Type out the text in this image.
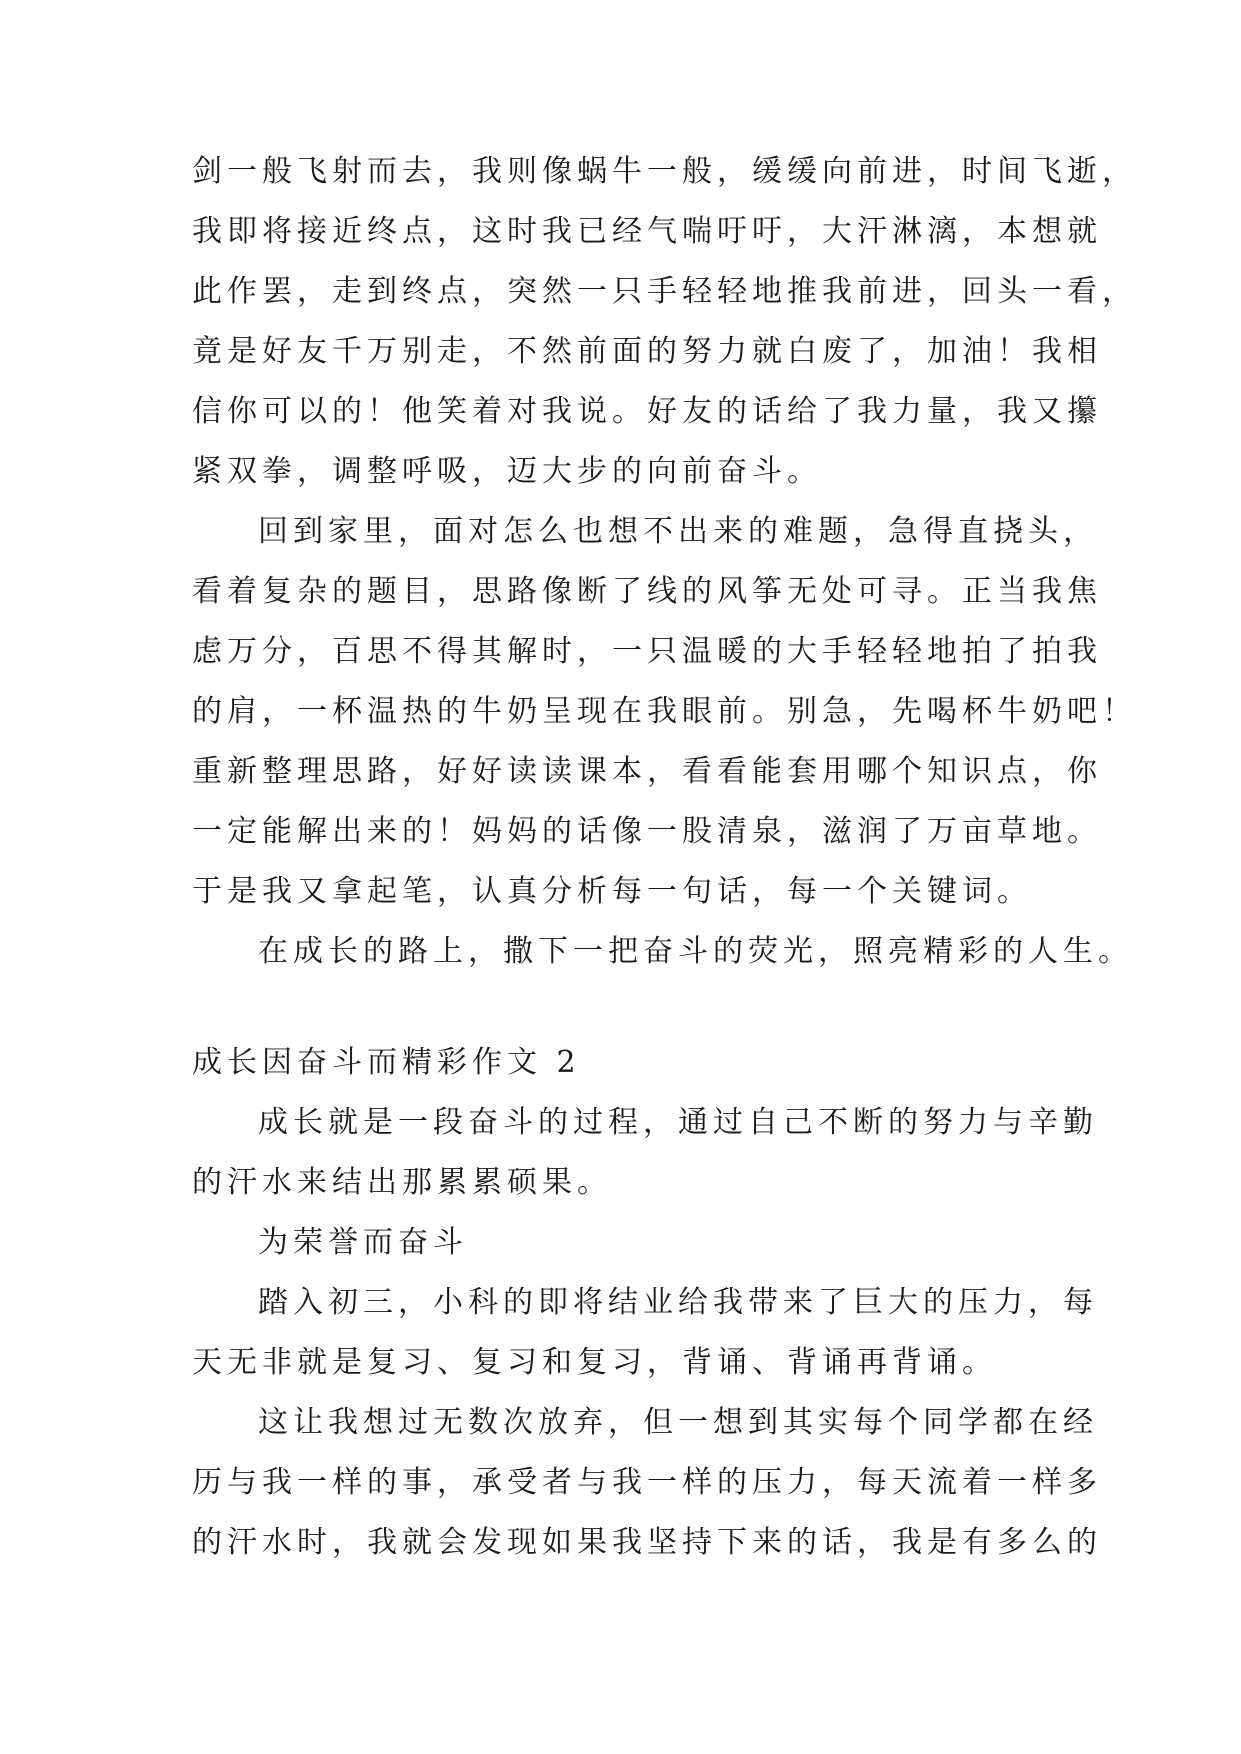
剑一般飞射而去，我则像蜗牛一般，缓缓向前进，时间飞逝，
我即将接近终点，这时我已经气喘吁吁，大汗淋漓，本想就
此作罢，走到终点，突然一只手轻轻地推我前进，回头一看，
竟是好友千万别走，不然前面的努力就白废了，加油！我相
信你可以的！他笑着对我说。好友的话给了我力量，我又攥
紧双拳，调整呼吸，迈大步的向前奋斗。
回到家里，面对怎么也想不出来的难题，急得直挠头，
看着复杂的题目，思路像断了线的风筝无处可寻。正当我焦
虑万分，百思不得其解时，一只温暖的大手轻轻地拍了拍我
的肩，一杯温热的牛奶呈现在我眼前。别急，先喝杯牛奶吧！
重新整理思路，好好读读课本，看看能套用哪个知识点，你
一定能解出来的！妈妈的话像一股清泉，滋润了万亩草地。
于是我又拿起笔，认真分析每一句话，每一个关键词。
在成长的路上，撒下一把奋斗的荧光，照亮精彩的人生。
成长因奋斗而精彩作文 2
成长就是一段奋斗的过程，通过自己不断的努力与辛勤
的汗水来结出那累累硕果。
为荣誉而奋斗
踏入初三，小科的即将结业给我带来了巨大的压力，每
天无非就是复习、复习和复习，背诵、背诵再背诵。
这让我想过无数次放弃，但一想到其实每个同学都在经
历与我一样的事，承受者与我一样的压力，每天流着一样多
的汗水时，我就会发现如果我坚持下来的话，我是有多么的
